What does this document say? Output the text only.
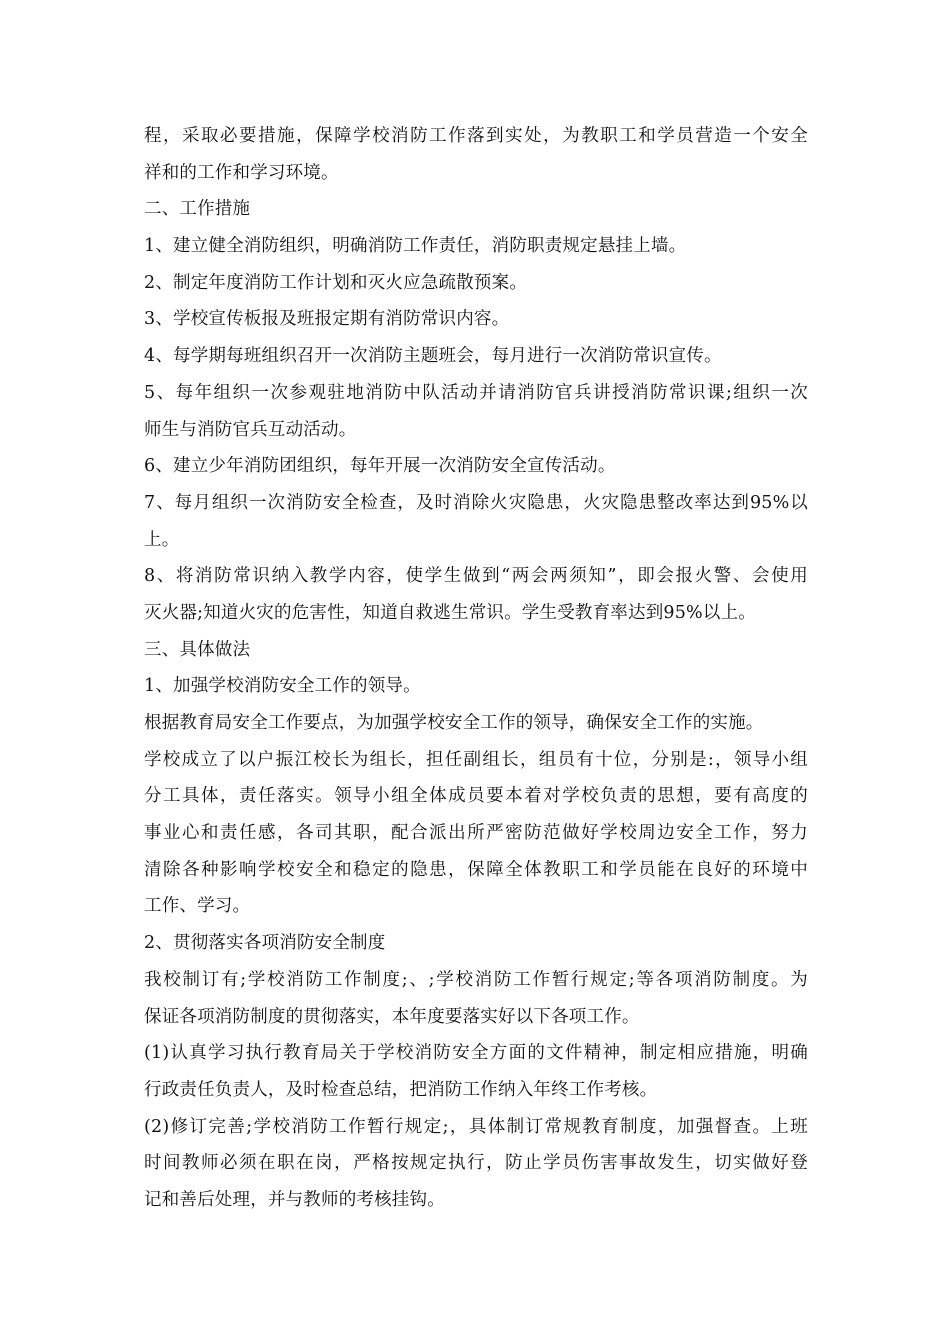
程，采取必要措施，保障学校消防工作落到实处，为教职工和学员营造一个安全
祥和的工作和学习环境。
二、工作措施
1、建立健全消防组织，明确消防工作责任，消防职责规定悬挂上墙。
2、制定年度消防工作计划和灭火应急疏散预案。
3、学校宣传板报及班报定期有消防常识内容。
4、每学期每班组织召开一次消防主题班会，每月进行一次消防常识宣传。
5、每年组织一次参观驻地消防中队活动并请消防官兵讲授消防常识课;组织一次
师生与消防官兵互动活动。
6、建立少年消防团组织，每年开展一次消防安全宣传活动。
7、每月组织一次消防安全检查，及时消除火灾隐患，火灾隐患整改率达到95%以
上。
8、将消防常识纳入教学内容，使学生做到“两会两须知”，即会报火警、会使用
灭火器;知道火灾的危害性，知道自救逃生常识。学生受教育率达到95%以上。
三、具体做法
1、加强学校消防安全工作的领导。
根据教育局安全工作要点，为加强学校安全工作的领导，确保安全工作的实施。
学校成立了以户振江校长为组长，担任副组长，组员有十位，分别是:，领导小组
分工具体，责任落实。领导小组全体成员要本着对学校负责的思想，要有高度的
事业心和责任感，各司其职，配合派出所严密防范做好学校周边安全工作，努力
清除各种影响学校安全和稳定的隐患，保障全体教职工和学员能在良好的环境中
工作、学习。
2、贯彻落实各项消防安全制度
我校制订有;学校消防工作制度;、;学校消防工作暂行规定;等各项消防制度。为
保证各项消防制度的贯彻落实，本年度要落实好以下各项工作。
(1)认真学习执行教育局关于学校消防安全方面的文件精神，制定相应措施，明确
行政责任负责人，及时检查总结，把消防工作纳入年终工作考核。
(2)修订完善;学校消防工作暂行规定;，具体制订常规教育制度，加强督查。上班
时间教师必须在职在岗，严格按规定执行，防止学员伤害事故发生，切实做好登
记和善后处理，并与教师的考核挂钩。
